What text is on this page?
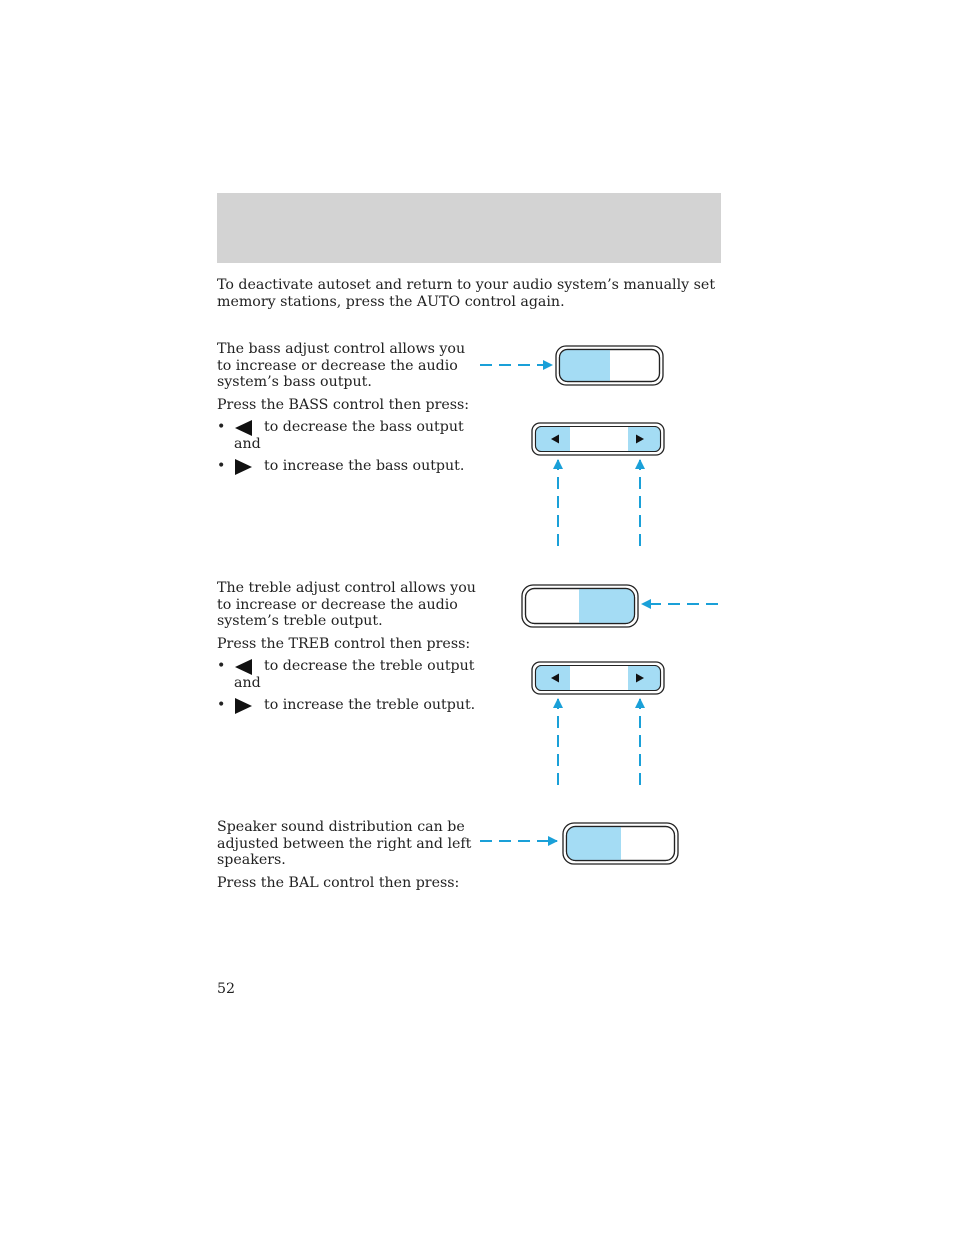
To deactivate autoset and return to your audio system’s manually set
memory stations, press the AUTO control again.

The bass adjust control allows you
to increase or decrease the audio
system’s bass output.

Press the BASS control then press:

•	to decrease the bass output
and
•	to increase the bass output.

The treble adjust control allows you
to increase or decrease the audio
system’s treble output.

Press the TREB control then press:

•	to decrease the treble output
and
•	to increase the treble output.

Speaker sound distribution can be
adjusted between the right and left
speakers.

Press the BAL control then press:

52
